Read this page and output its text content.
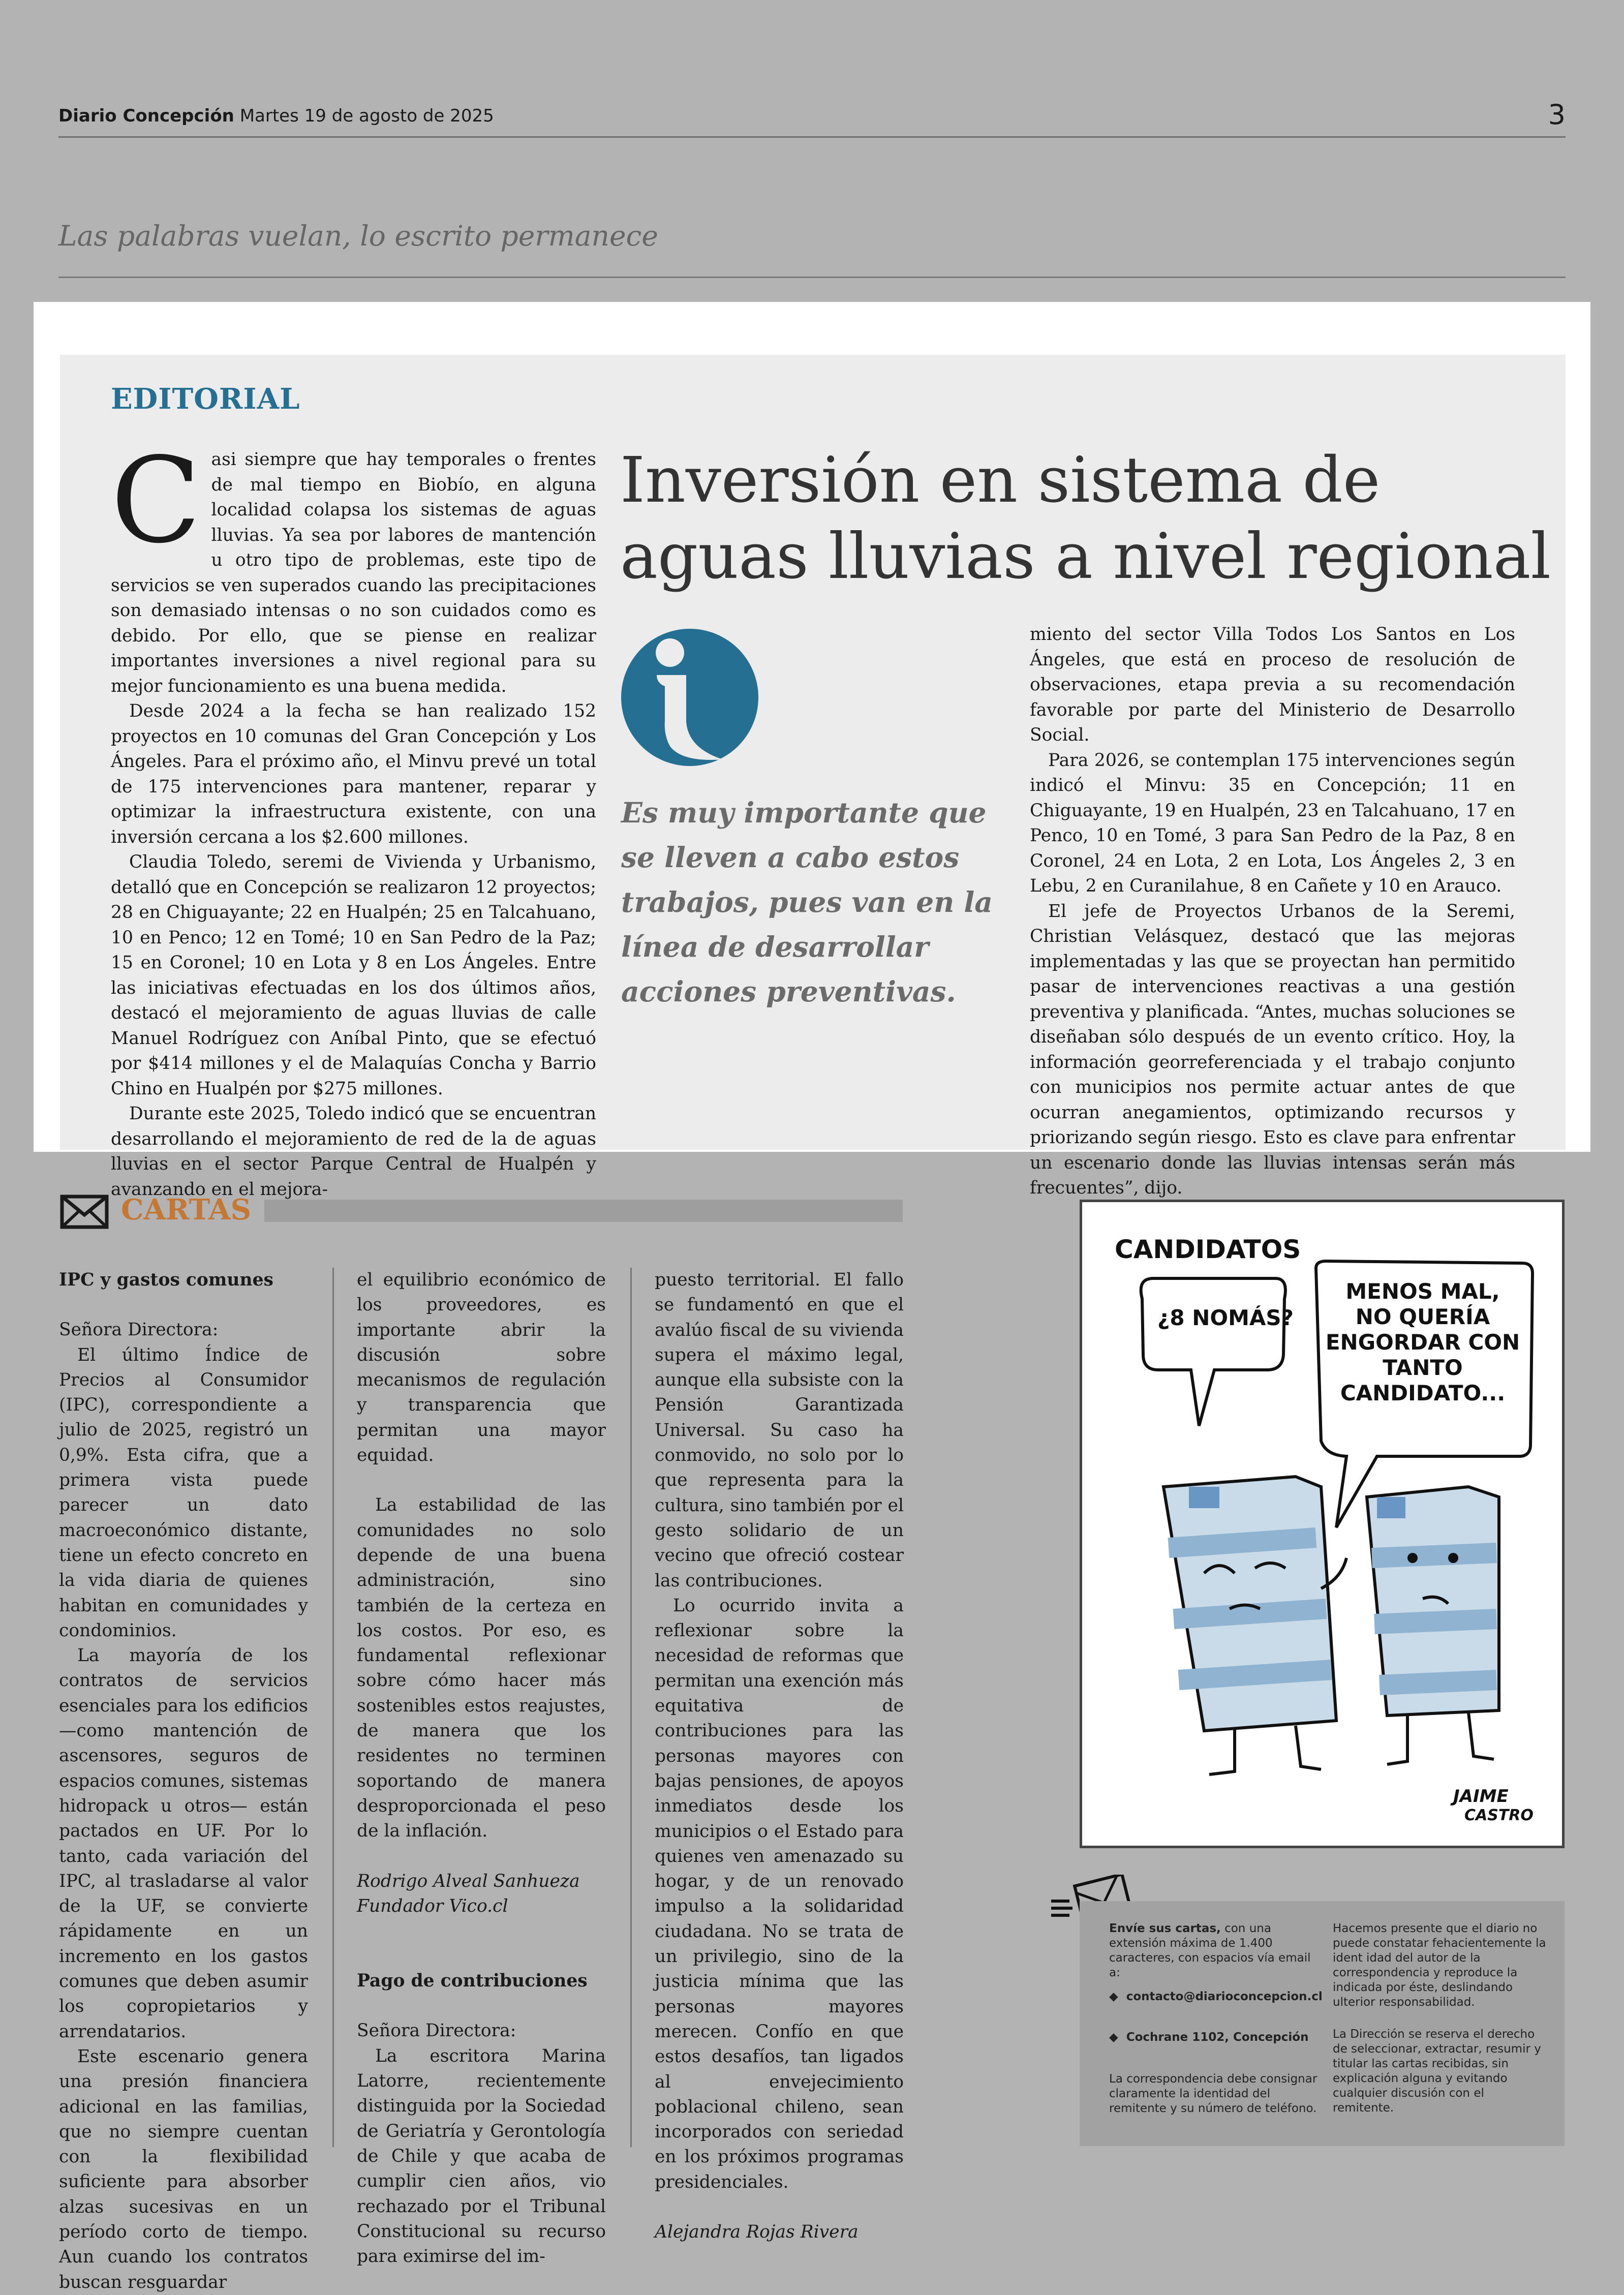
Diario Concepción Martes 19 de agosto de 2025	3
Las palabras vuelan, lo escrito permanece
EDITORIAL

Casi siempre que hay temporales o frentes de mal tiempo en Biobío, en alguna localidad colapsa los sistemas de aguas lluvias. Ya sea por labores de mantención u otro tipo de problemas, este tipo de servicios se ven superados cuando las precipitaciones son demasiado intensas o no son cuidados como es debido. Por ello, que se piense en realizar importantes inversiones a nivel regional para su mejor funcionamiento es una buena medida.

Desde 2024 a la fecha se han realizado 152 proyectos en 10 comunas del Gran Concepción y Los Ángeles. Para el próximo año, el Minvu prevé un total de 175 intervenciones para mantener, reparar y optimizar la infraestructura existente, con una inversión cercana a los $2.600 millones.

Claudia Toledo, seremi de Vivienda y Urbanismo, detalló que en Concepción se realizaron 12 proyectos; 28 en Chiguayante; 22 en Hualpén; 25 en Talcahuano, 10 en Penco; 12 en Tomé; 10 en San Pedro de la Paz; 15 en Coronel; 10 en Lota y 8 en Los Ángeles. Entre las iniciativas efectuadas en los dos últimos años, destacó el mejoramiento de aguas lluvias de calle Manuel Rodríguez con Aníbal Pinto, que se efectuó por $414 millones y el de Malaquías Concha y Barrio Chino en Hualpén por $275 millones.

Durante este 2025, Toledo indicó que se encuentran desarrollando el mejoramiento de red de la de aguas lluvias en el sector Parque Central de Hualpén y avanzando en el mejora-

Inversión en sistema de aguas lluvias a nivel regional
Es muy importante que se lleven a cabo estos trabajos, pues van en la línea de desarrollar acciones preventivas.

miento del sector Villa Todos Los Santos en Los Ángeles, que está en proceso de resolución de observaciones, etapa previa a su recomendación favorable por parte del Ministerio de Desarrollo Social.

Para 2026, se contemplan 175 intervenciones según indicó el Minvu: 35 en Concepción; 11 en Chiguayante, 19 en Hualpén, 23 en Talcahuano, 17 en Penco, 10 en Tomé, 3 para San Pedro de la Paz, 8 en Coronel, 24 en Lota, 2 en Lota, Los Ángeles 2, 3 en Lebu, 2 en Curanilahue, 8 en Cañete y 10 en Arauco.

El jefe de Proyectos Urbanos de la Seremi, Christian Velásquez, destacó que las mejoras implementadas y las que se proyectan han permitido pasar de intervenciones reactivas a una gestión preventiva y planificada. “Antes, muchas soluciones se diseñaban sólo después de un evento crítico. Hoy, la información georreferenciada y el trabajo conjunto con municipios nos permite actuar antes de que ocurran anegamientos, optimizando recursos y priorizando según riesgo. Esto es clave para enfrentar un escenario donde las lluvias intensas serán más frecuentes”, dijo.

CARTAS

IPC y gastos comunes

Señora Directora:

El último Índice de Precios al Consumidor (IPC), correspondiente a julio de 2025, registró un 0,9%. Esta cifra, que a primera vista puede parecer un dato macroeconómico distante, tiene un efecto concreto en la vida diaria de quienes habitan en comunidades y condominios.

La mayoría de los contratos de servicios esenciales para los edificios —como mantención de ascensores, seguros de espacios comunes, sistemas hidropack u otros— están pactados en UF. Por lo tanto, cada variación del IPC, al trasladarse al valor de la UF, se convierte rápidamente en un incremento en los gastos comunes que deben asumir los copropietarios y arrendatarios.

Este escenario genera una presión financiera adicional en las familias, que no siempre cuentan con la flexibilidad suficiente para absorber alzas sucesivas en un período corto de tiempo. Aun cuando los contratos buscan resguardar

el equilibrio económico de los proveedores, es importante abrir la discusión sobre mecanismos de regulación y transparencia que permitan una mayor equidad.

La estabilidad de las comunidades no solo depende de una buena administración, sino también de la certeza en los costos. Por eso, es fundamental reflexionar sobre cómo hacer más sostenibles estos reajustes, de manera que los residentes no terminen soportando de manera desproporcionada el peso de la inflación.

Rodrigo Alveal Sanhueza

Fundador Vico.cl

Pago de contribuciones

Señora Directora:

La escritora Marina Latorre, recientemente distinguida por la Sociedad de Geriatría y Gerontología de Chile y que acaba de cumplir cien años, vio rechazado por el Tribunal Constitucional su recurso para eximirse del im-

puesto territorial. El fallo se fundamentó en que el avalúo fiscal de su vivienda supera el máximo legal, aunque ella subsiste con la Pensión Garantizada Universal. Su caso ha conmovido, no solo por lo que representa para la cultura, sino también por el gesto solidario de un vecino que ofreció costear las contribuciones.

Lo ocurrido invita a reflexionar sobre la necesidad de reformas que permitan una exención más equitativa de contribuciones para las personas mayores con bajas pensiones, de apoyos inmediatos desde los municipios o el Estado para quienes ven amenazado su hogar, y de un renovado impulso a la solidaridad ciudadana. No se trata de un privilegio, sino de la justicia mínima que las personas mayores merecen. Confío en que estos desafíos, tan ligados al envejecimiento poblacional chileno, sean incorporados con seriedad en los próximos programas presidenciales.

Alejandra Rojas Rivera

CANDIDATOS
¿8 NOMÁS?
MENOS MAL,
NO QUERÍA
ENGORDAR CON
TANTO
CANDIDATO...
JAIME
CASTRO
Envíe sus cartas, con una extensión máxima de 1.400 caracteres, con espacios vía email a:
◆  contacto@diarioconcepcion.cl
◆  Cochrane 1102, Concepción
La correspondencia debe consignar claramente la identidad del remitente y su número de teléfono.
Hacemos presente que el diario no puede constatar fehacientemente la ident idad del autor de la correspondencia y reproduce la indicada por éste, deslindando ulterior responsabilidad.
La Dirección se reserva el derecho de seleccionar, extractar, resumir y titular las cartas recibidas, sin explicación alguna y evitando cualquier discusión con el remitente.
